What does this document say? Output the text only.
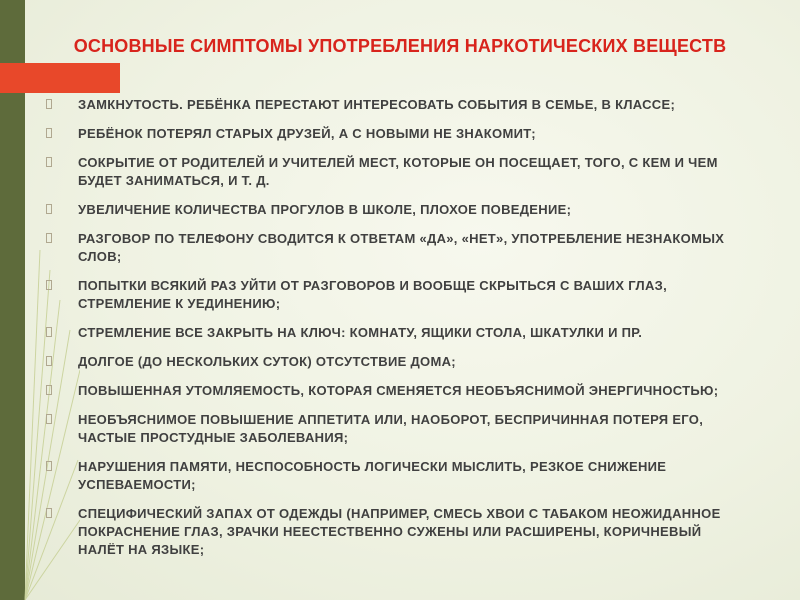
ОСНОВНЫЕ СИМПТОМЫ УПОТРЕБЛЕНИЯ НАРКОТИЧЕСКИХ ВЕЩЕСТВ
ЗАМКНУТОСТЬ. РЕБЁНКА ПЕРЕСТАЮТ ИНТЕРЕСОВАТЬ СОБЫТИЯ В СЕМЬЕ, В КЛАССЕ;
РЕБЁНОК ПОТЕРЯЛ СТАРЫХ ДРУЗЕЙ, А С НОВЫМИ НЕ ЗНАКОМИТ;
СОКРЫТИЕ ОТ РОДИТЕЛЕЙ И УЧИТЕЛЕЙ МЕСТ, КОТОРЫЕ ОН ПОСЕЩАЕТ, ТОГО, С КЕМ И ЧЕМ БУДЕТ ЗАНИМАТЬСЯ, И Т. Д.
УВЕЛИЧЕНИЕ КОЛИЧЕСТВА ПРОГУЛОВ В ШКОЛЕ, ПЛОХОЕ ПОВЕДЕНИЕ;
РАЗГОВОР ПО ТЕЛЕФОНУ СВОДИТСЯ К ОТВЕТАМ «ДА», «НЕТ», УПОТРЕБЛЕНИЕ НЕЗНАКОМЫХ СЛОВ;
ПОПЫТКИ ВСЯКИЙ РАЗ УЙТИ ОТ РАЗГОВОРОВ И ВООБЩЕ СКРЫТЬСЯ С ВАШИХ ГЛАЗ, СТРЕМЛЕНИЕ К УЕДИНЕНИЮ;
СТРЕМЛЕНИЕ ВСЕ ЗАКРЫТЬ НА КЛЮЧ: КОМНАТУ, ЯЩИКИ СТОЛА, ШКАТУЛКИ И ПР.
ДОЛГОЕ (ДО НЕСКОЛЬКИХ СУТОК) ОТСУТСТВИЕ ДОМА;
ПОВЫШЕННАЯ УТОМЛЯЕМОСТЬ, КОТОРАЯ СМЕНЯЕТСЯ НЕОБЪЯСНИМОЙ ЭНЕРГИЧНОСТЬЮ;
НЕОБЪЯСНИМОЕ ПОВЫШЕНИЕ АППЕТИТА ИЛИ, НАОБОРОТ, БЕСПРИЧИННАЯ ПОТЕРЯ ЕГО, ЧАСТЫЕ ПРОСТУДНЫЕ ЗАБОЛЕВАНИЯ;
НАРУШЕНИЯ ПАМЯТИ, НЕСПОСОБНОСТЬ ЛОГИЧЕСКИ МЫСЛИТЬ, РЕЗКОЕ СНИЖЕНИЕ УСПЕВАЕМОСТИ;
СПЕЦИФИЧЕСКИЙ ЗАПАХ ОТ ОДЕЖДЫ (НАПРИМЕР, СМЕСЬ ХВОИ С ТАБАКОМ НЕОЖИДАННОЕ ПОКРАСНЕНИЕ ГЛАЗ, ЗРАЧКИ НЕЕСТЕСТВЕННО СУЖЕНЫ ИЛИ РАСШИРЕНЫ, КОРИЧНЕВЫЙ НАЛЁТ НА ЯЗЫКЕ;
